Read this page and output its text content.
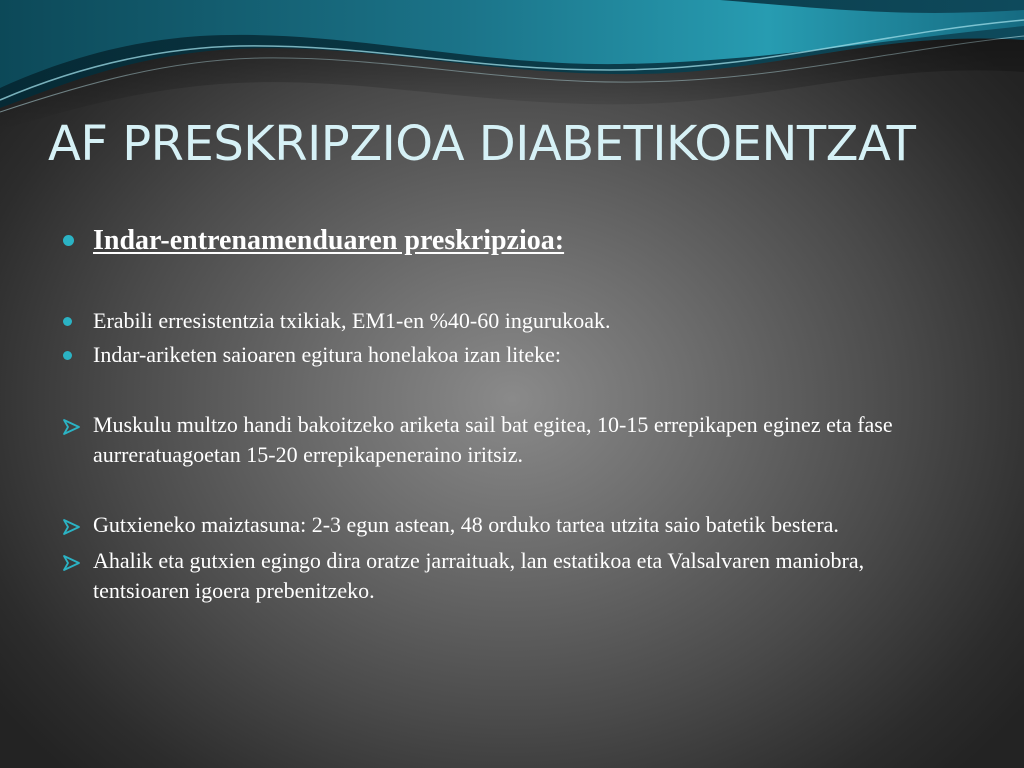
AF PRESKRIPZIOA DIABETIKOENTZAT
Indar-entrenamenduaren preskripzioa:
Erabili erresistentzia txikiak, EM1-en %40-60 ingurukoak.
Indar-ariketen saioaren egitura honelakoa izan liteke:
Muskulu multzo handi bakoitzeko ariketa sail bat egitea, 10-15 errepikapen eginez eta fase aurreratuagoetan 15-20 errepikapeneraino iritsiz.
Gutxieneko maiztasuna: 2-3 egun astean, 48 orduko tartea utzita saio batetik bestera.
Ahalik eta gutxien egingo dira oratze jarraituak, lan estatikoa eta Valsalvaren maniobra, tentsioaren igoera prebenitzeko.
